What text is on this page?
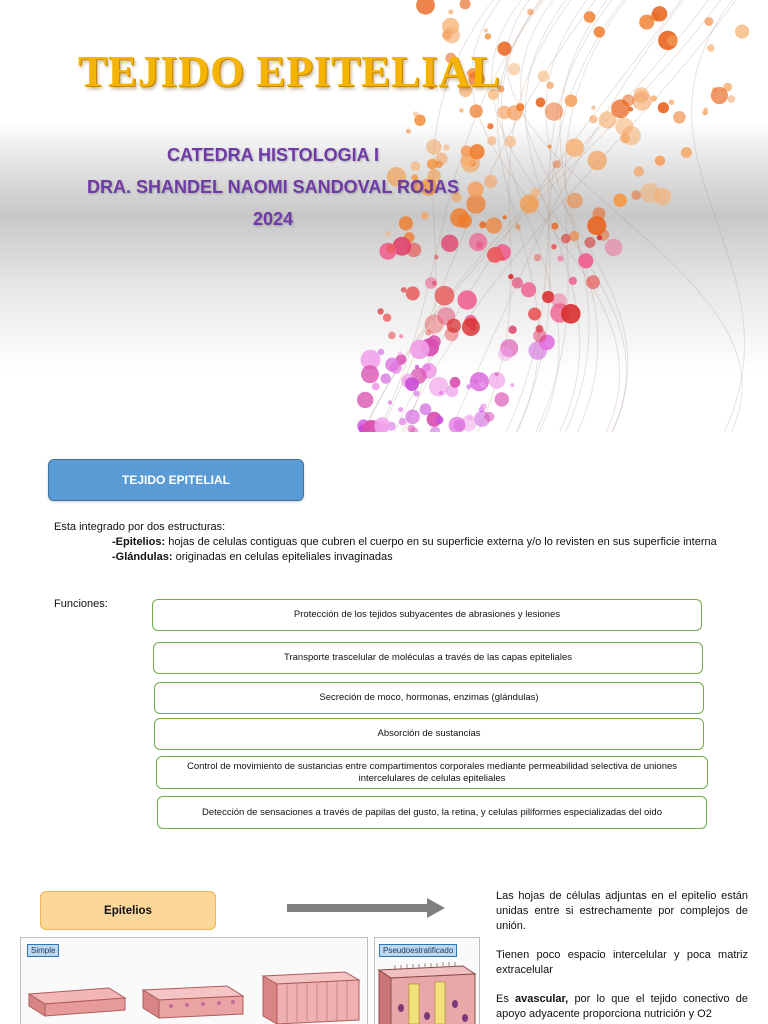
TEJIDO EPITELIAL
CATEDRA HISTOLOGIA I
DRA. SHANDEL NAOMI SANDOVAL ROJAS
2024
TEJIDO EPITELIAL
Esta integrado por dos estructuras:
-Epitelios: hojas de celulas contiguas que cubren el cuerpo en su superficie externa y/o lo revisten en sus superficie interna
-Glándulas: originadas en celulas epiteliales invaginadas
Funciones:
Protección de los tejidos subyacentes de abrasiones y lesiones
Transporte trascelular de moléculas a través de las capas epiteliales
Secreción de moco, hormonas, enzimas (glándulas)
Absorción de sustancias
Control de movimiento de sustancias entre compartimentos corporales mediante permeabilidad selectiva de uniones intercelulares de celulas epiteliales
Detección de sensaciones a través de papilas del gusto, la retina, y celulas piliformes especializadas del oido
Epitelios
Simple	Pseudoestratificado

Las hojas de células adjuntas en el epitelio están unidas entre si estrechamente por complejos de unión.

Tienen poco espacio intercelular y poca matriz extracelular

Es avascular, por lo que el tejido conectivo de apoyo adyacente proporciona nutrición y O2
